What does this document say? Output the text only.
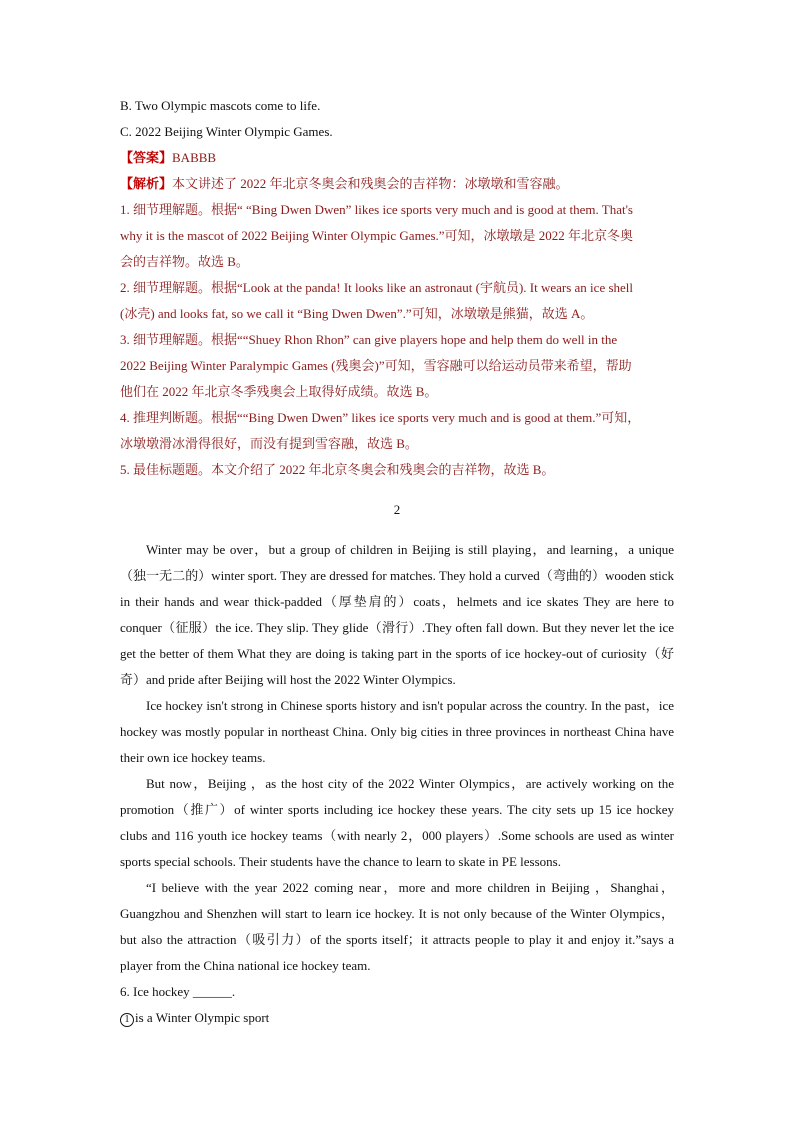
B. Two Olympic mascots come to life.

C. 2022 Beijing Winter Olympic Games.

【答案】BABBB

【解析】本文讲述了 2022 年北京冬奥会和残奥会的吉祥物：冰墩墩和雪容融。

1. 细节理解题。根据“ “Bing Dwen Dwen” likes ice sports very much and is good at them. That's

why it is the mascot of 2022 Beijing Winter Olympic Games.”可知，冰墩墩是 2022 年北京冬奥

会的吉祥物。故选 B。

2. 细节理解题。根据“Look at the panda! It looks like an astronaut (宇航员). It wears an ice shell

(冰壳) and looks fat, so we call it “Bing Dwen Dwen”.”可知，冰墩墩是熊猫，故选 A。

3. 细节理解题。根据““Shuey Rhon Rhon” can give players hope and help them do well in the

2022 Beijing Winter Paralympic Games (残奥会)”可知，雪容融可以给运动员带来希望，帮助

他们在 2022 年北京冬季残奥会上取得好成绩。故选 B。

4. 推理判断题。根据““Bing Dwen Dwen” likes ice sports very much and is good at them.”可知，

冰墩墩滑冰滑得很好，而没有提到雪容融，故选 B。

5. 最佳标题题。本文介绍了 2022 年北京冬奥会和残奥会的吉祥物，故选 B。

2

Winter may be over，but a group of children in Beijing is still playing，and learning，a unique（独一无二的）winter sport. They are dressed for matches. They hold a curved（弯曲的）wooden stick in their hands and wear thick-padded（厚垫肩的）coats，helmets and ice skates They are here to conquer（征服）the ice. They slip. They glide（滑行）.They often fall down. But they never let the ice get the better of them What they are doing is taking part in the sports of ice hockey-out of curiosity（好奇）and pride after Beijing will host the 2022 Winter Olympics.

Ice hockey isn't strong in Chinese sports history and isn't popular across the country. In the past，ice hockey was mostly popular in northeast China. Only big cities in three provinces in northeast China have their own ice hockey teams.

But now，Beijing ，as the host city of the 2022 Winter Olympics，are actively working on the promotion（推广）of winter sports including ice hockey these years. The city sets up 15 ice hockey clubs and 116 youth ice hockey teams（with nearly 2，000 players）.Some schools are used as winter sports special schools. Their students have the chance to learn to skate in PE lessons.

“I believe with the year 2022 coming near，more and more children in Beijing ，Shanghai，Guangzhou and Shenzhen will start to learn ice hockey. It is not only because of the Winter Olympics，but also the attraction（吸引力）of the sports itself；it attracts people to play it and enjoy it.”says a player from the China national ice hockey team.

6. Ice hockey ______.

1 is a Winter Olympic sport
